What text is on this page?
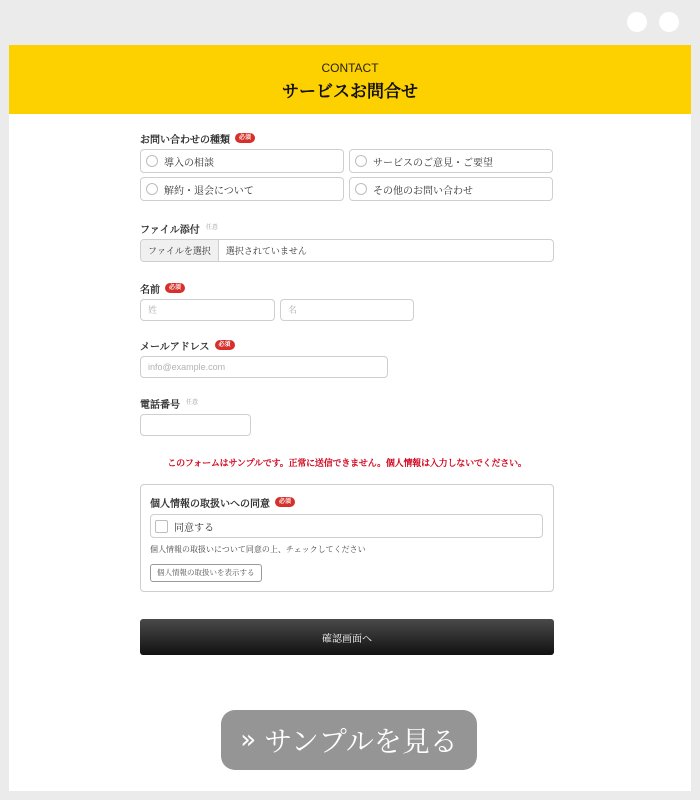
CONTACT
サービスお問合せ
お問い合わせの種類	必須
導入の相談	サービスのご意見・ご要望
解約・退会について	その他のお問い合わせ
ファイル添付 任意
ファイルを選択	選択されていません
名前	必須
姓
名
メールアドレス	必須
info@example.com
電話番号 任意
このフォームはサンプルです。正常に送信できません。個人情報は入力しないでください。
個人情報の取扱いへの同意	必須
同意する
個人情報の取扱いについて同意の上、チェックしてください
個人情報の取扱いを表示する
確認画面へ
» サンプルを見る
